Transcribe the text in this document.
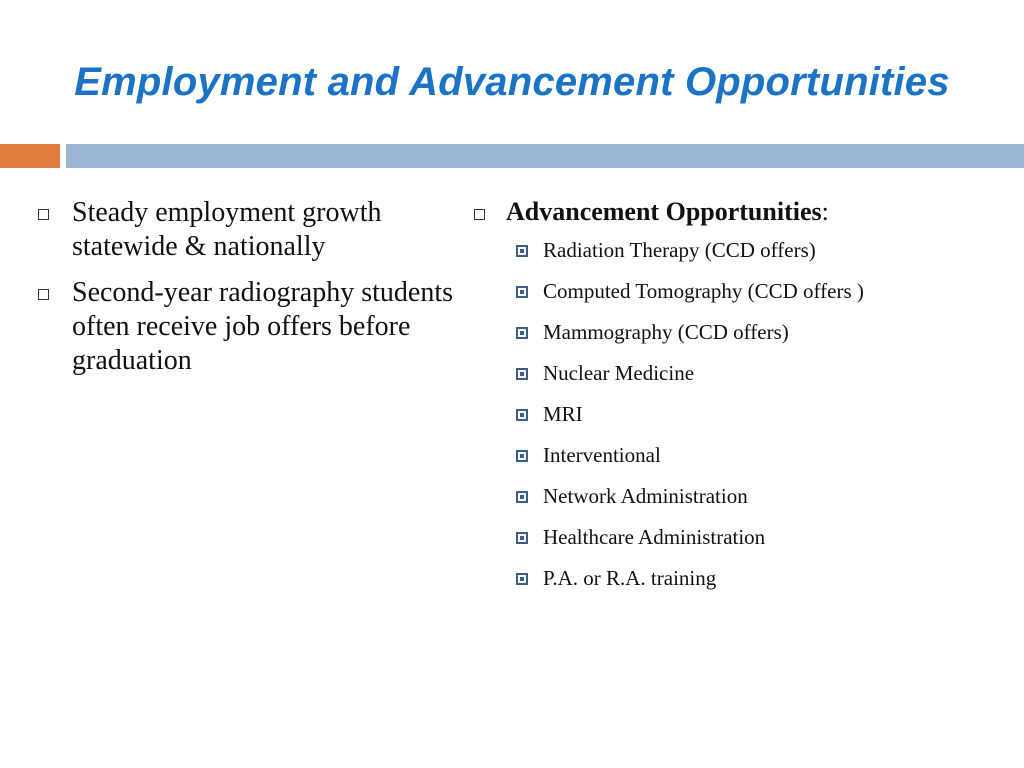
Employment and Advancement Opportunities
Steady employment growth statewide & nationally
Second-year radiography students often receive job offers before graduation
Advancement Opportunities:
Radiation Therapy (CCD offers)
Computed Tomography (CCD offers )
Mammography (CCD offers)
Nuclear Medicine
MRI
Interventional
Network Administration
Healthcare Administration
P.A. or R.A. training
